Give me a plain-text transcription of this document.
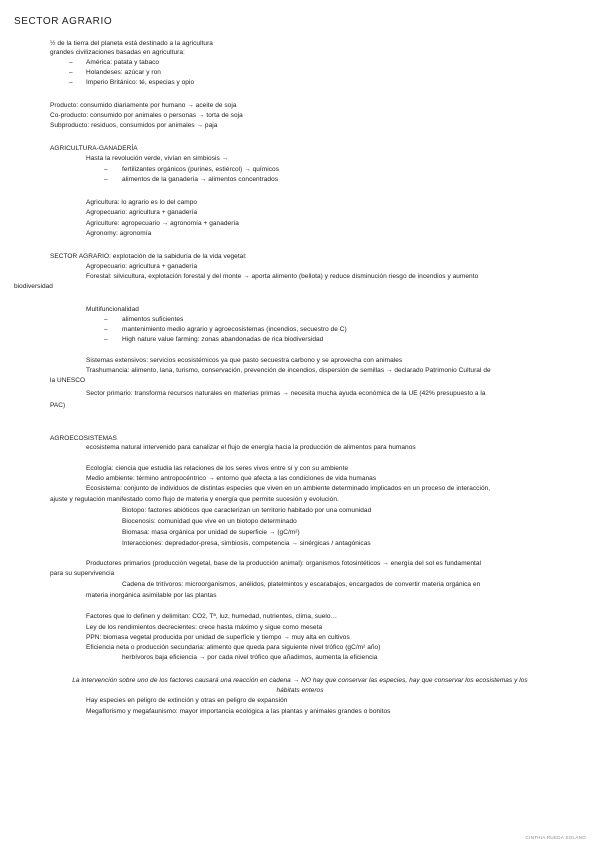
SECTOR AGRARIO
½ de la tierra del planeta está destinado a la agricultura
grandes civilizaciones basadas en agricultura:
– América: patata y tabaco
– Holandeses: azúcar y ron
– Imperio Británico: té, especias y opio
Producto: consumido diariamente por humano → aceite de soja
Co-producto: consumido por animales o personas → torta de soja
Subproducto: residuos, consumidos por animales → paja
AGRICULTURA-GANADERÍA
Hasta la revolución verde, vivían en simbiosis →
– fertilizantes orgánicos (purines, estiércol) → químicos
– alimentos de la ganadería → alimentos concentrados
Agricultura: lo agrario es lo del campo
Agropecuario: agricultura + ganadería
Agriculture: agropecuario → agronomía + ganadería
Agronomy: agronomía
SECTOR AGRARIO: explotación de la sabiduría de la vida vegetal:
Agropecuario: agricultura + ganadería
Forestal: silvicultura, explotación forestal y del monte → aporta alimento (bellota) y reduce disminución riesgo de incendios y aumento
biodiversidad
Multifuncionalidad
– alimentos suficientes
– mantenimiento medio agrario y agroecosistemas (incendios, secuestro de C)
– High nature value farming: zonas abandonadas de rica biodiversidad
Sistemas extensivos: servicios ecosistémicos ya que pasto secuestra carbono y se aprovecha con animales
Trashumancia: alimento, lana, turismo, conservación, prevención de incendios, dispersión de semillas → declarado Patrimonio Cultural de
la UNESCO
Sector primario: transforma recursos naturales en materias primas → necesita mucha ayuda económica de la UE (42% presupuesto a la
PAC)
AGROECOSISTEMAS
ecosistema natural intervenido para canalizar el flujo de energía hacia la producción de alimentos para humanos
Ecología: ciencia que estudia las relaciones de los seres vivos entre sí y con su ambiente
Medio ambiente: término antropocéntrico → entorno que afecta a las condiciones de vida humanas
Ecosistema: conjunto de individuos de distintas especies que viven en un ambiente determinado implicados en un proceso de interacción,
ajuste y regulación manifestado como flujo de materia y energía que permite sucesión y evolución.
Biotopo: factores abióticos que caracterizan un territorio habitado por una comunidad
Biocenosis: comunidad que vive en un biotopo determinado
Biomasa: masa orgánica por unidad de superficie → (gC/m²)
Interacciones: depredador-presa, simbiosis, competencia → sinérgicas / antagónicas
Productores primarios (producción vegetal, base de la producción animal): organismos fotosintéticos → energía del sol es fundamental
para su supervivencia
Cadena de tritívoros: microorganismos, anélidos, platelmintos y escarabajos, encargados de convertir materia orgánica en
materia inorgánica asimilable por las plantas
Factores que lo definen y delimitan: CO2, Tª, luz, humedad, nutrientes, clima, suelo…
Ley de los rendimientos decrecientes: crece hasta máximo y sigue como meseta
PPN: biomasa vegetal producida por unidad de superficie y tiempo → muy alta en cultivos
Eficiencia neta o producción secundaria: alimento que queda para siguiente nivel trófico (gC/m² año)
herbívoros baja eficiencia → por cada nivel trófico que añadimos, aumenta la eficiencia
La intervención sobre uno de los factores causará una reacción en cadena → NO hay que conservar las especies, hay que conservar los ecosistemas y los
hábitats enteros
Hay especies en peligro de extinción y otras en peligro de expansión
Megaflorismo y megafaunismo: mayor importancia ecológica a las plantas y animales grandes o bonitos
CINTHIA RUEDA SOLANO
